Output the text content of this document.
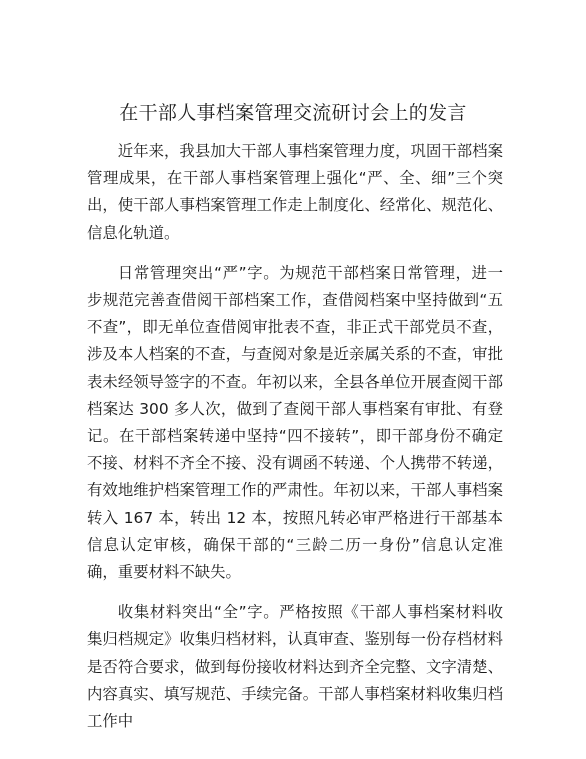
在干部人事档案管理交流研讨会上的发言

近年来，我县加大干部人事档案管理力度，巩固干部档案管理成果，在干部人事档案管理上强化“严、全、细”三个突出，使干部人事档案管理工作走上制度化、经常化、规范化、信息化轨道。

日常管理突出“严”字。为规范干部档案日常管理，进一步规范完善查借阅干部档案工作，查借阅档案中坚持做到“五不查”，即无单位查借阅审批表不查，非正式干部党员不查，涉及本人档案的不查，与查阅对象是近亲属关系的不查，审批表未经领导签字的不查。年初以来，全县各单位开展查阅干部档案达 300 多人次，做到了查阅干部人事档案有审批、有登记。在干部档案转递中坚持“四不接转”，即干部身份不确定不接、材料不齐全不接、没有调函不转递、个人携带不转递，有效地维护档案管理工作的严肃性。年初以来，干部人事档案转入 167 本，转出 12 本，按照凡转必审严格进行干部基本信息认定审核，确保干部的“三龄二历一身份”信息认定准确，重要材料不缺失。

收集材料突出“全”字。严格按照《干部人事档案材料收集归档规定》收集归档材料，认真审查、鉴别每一份存档材料是否符合要求，做到每份接收材料达到齐全完整、文字清楚、内容真实、填写规范、手续完备。干部人事档案材料收集归档工作中
